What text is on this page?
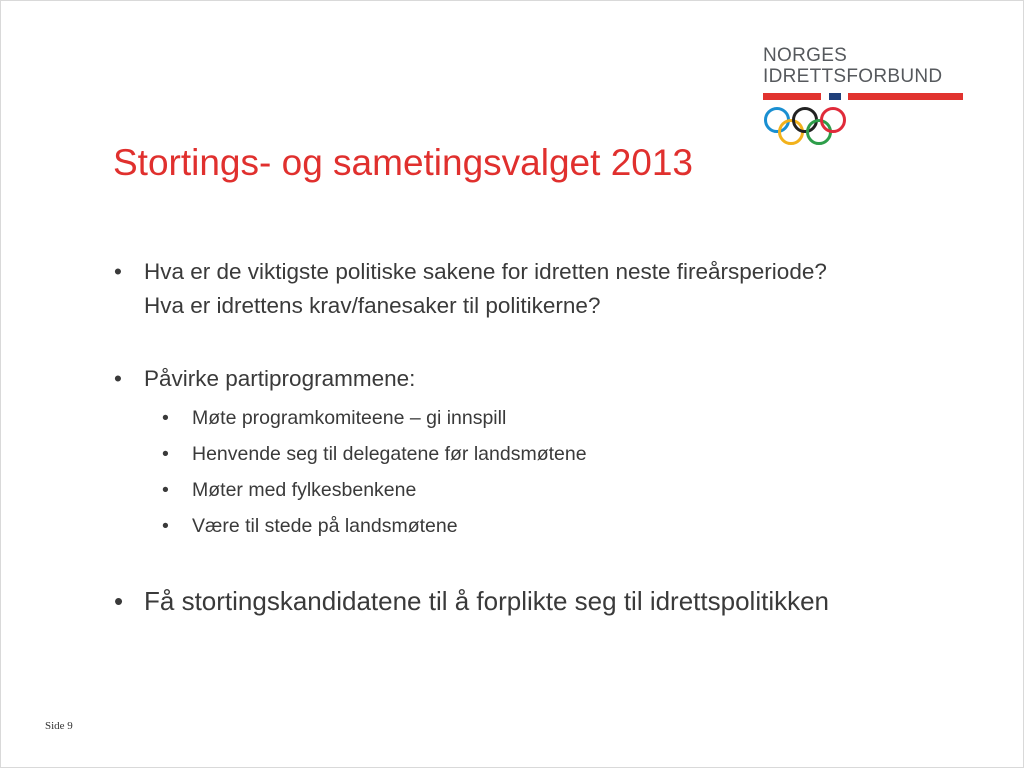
NORGES
IDRETTSFORBUND
Stortings- og sametingsvalget 2013
• Hva er de viktigste politiske sakene for idretten neste fireårsperiode? Hva er idrettens krav/fanesaker til politikerne?
• Påvirke partiprogrammene:
• Møte programkomiteene – gi innspill
• Henvende seg til delegatene før landsmøtene
• Møter med fylkesbenkene
• Være til stede på landsmøtene
• Få stortingskandidatene til å forplikte seg til idrettspolitikken
Side 9
